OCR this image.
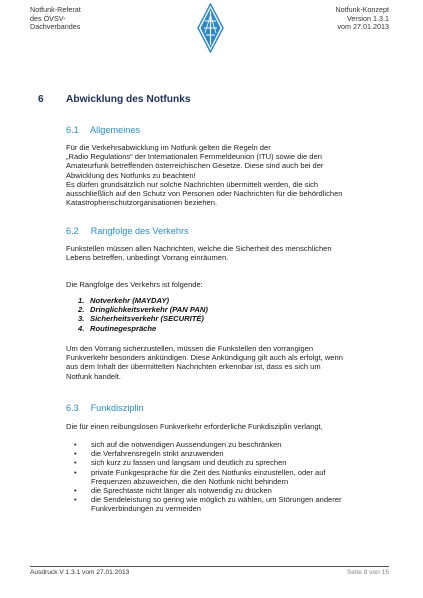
Notfunk-Referat
des ÖVSV-
Dachverbandes
Notfunk-Konzept
Version 1.3.1
vom 27.01.2013
6 Abwicklung des Notfunks
6.1 Allgemeines

Für die Verkehrsabwicklung im Notfunk gelten die Regeln der

„Radio Regulations“ der Internationalen Fernmeldeunion (ITU) sowie die den

Amateurfunk betreffenden österreichischen Gesetze. Diese sind auch bei der

Abwicklung des Notfunks zu beachten!

Es dürfen grundsätzlich nur solche Nachrichten übermittelt werden, die sich

ausschließlich auf den Schutz von Personen oder Nachrichten für die behördlichen

Katastrophenschutzorganisationen beziehen.

6.2 Rangfolge des Verkehrs

Funkstellen müssen allen Nachrichten, welche die Sicherheit des menschlichen

Lebens betreffen, unbedingt Vorrang einräumen.

Die Rangfolge des Verkehrs ist folgende:

1. Notverkehr (MAYDAY)
2. Dringlichkeitsverkehr (PAN PAN)
3. Sicherheitsverkehr (SECURITÉ)
4. Routinegespräche

Um den Vorrang sicherzustellen, müssen die Funkstellen den vorrangigen

Funkverkehr besonders ankündigen. Diese Ankündigung gilt auch als erfolgt, wenn

aus dem Inhalt der übermittelten Nachrichten erkennbar ist, dass es sich um

Notfunk handelt.

6.3 Funkdisziplin

Die für einen reibungslosen Funkverkehr erforderliche Funkdisziplin verlangt,

• sich auf die notwendigen Aussendungen zu beschränken
• die Verfahrensregeln strikt anzuwenden
• sich kurz zu fassen und langsam und deutlich zu sprechen
• private Funkgespräche für die Zeit des Notfunks einzustellen, oder auf
Frequenzen abzuweichen, die den Notfunk nicht behindern
• die Sprechtaste nicht länger als notwendig zu drücken
• die Sendeleistung so gering wie möglich zu wählen, um Störungen anderer
Funkverbindungen zu vermeiden
Ausdruck V 1.3.1 vom 27.01.2013	Seite 8 von 15
